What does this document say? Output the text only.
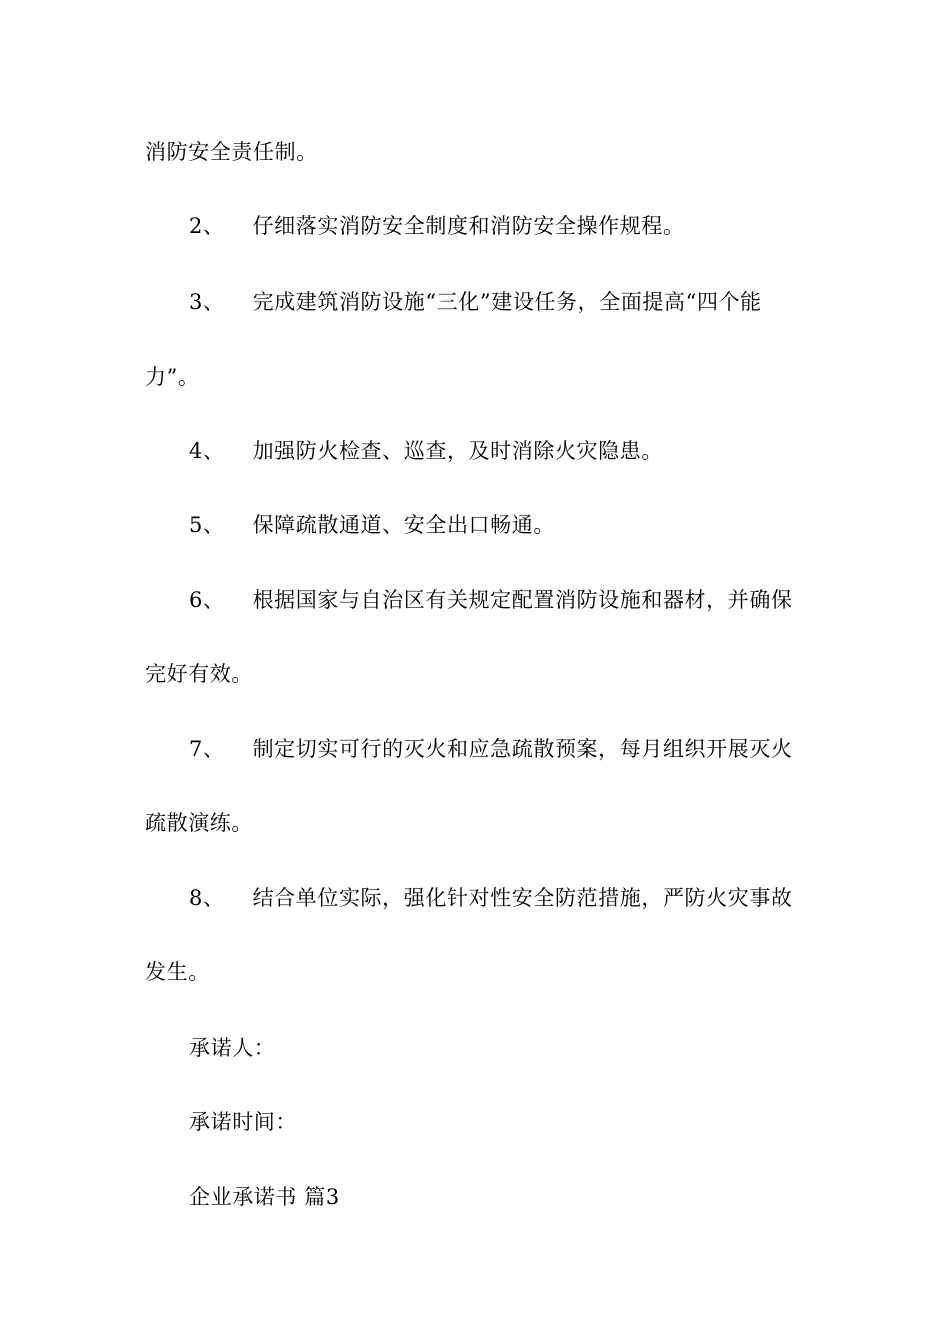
消防安全责任制。
2、 仔细落实消防安全制度和消防安全操作规程。
3、 完成建筑消防设施“三化”建设任务，全面提高“四个能
力”。
4、 加强防火检查、巡查，及时消除火灾隐患。
5、 保障疏散通道、安全出口畅通。
6、 根据国家与自治区有关规定配置消防设施和器材，并确保
完好有效。
7、 制定切实可行的灭火和应急疏散预案，每月组织开展灭火
疏散演练。
8、 结合单位实际，强化针对性安全防范措施，严防火灾事故
发生。
承诺人：
承诺时间：
企业承诺书 篇3
